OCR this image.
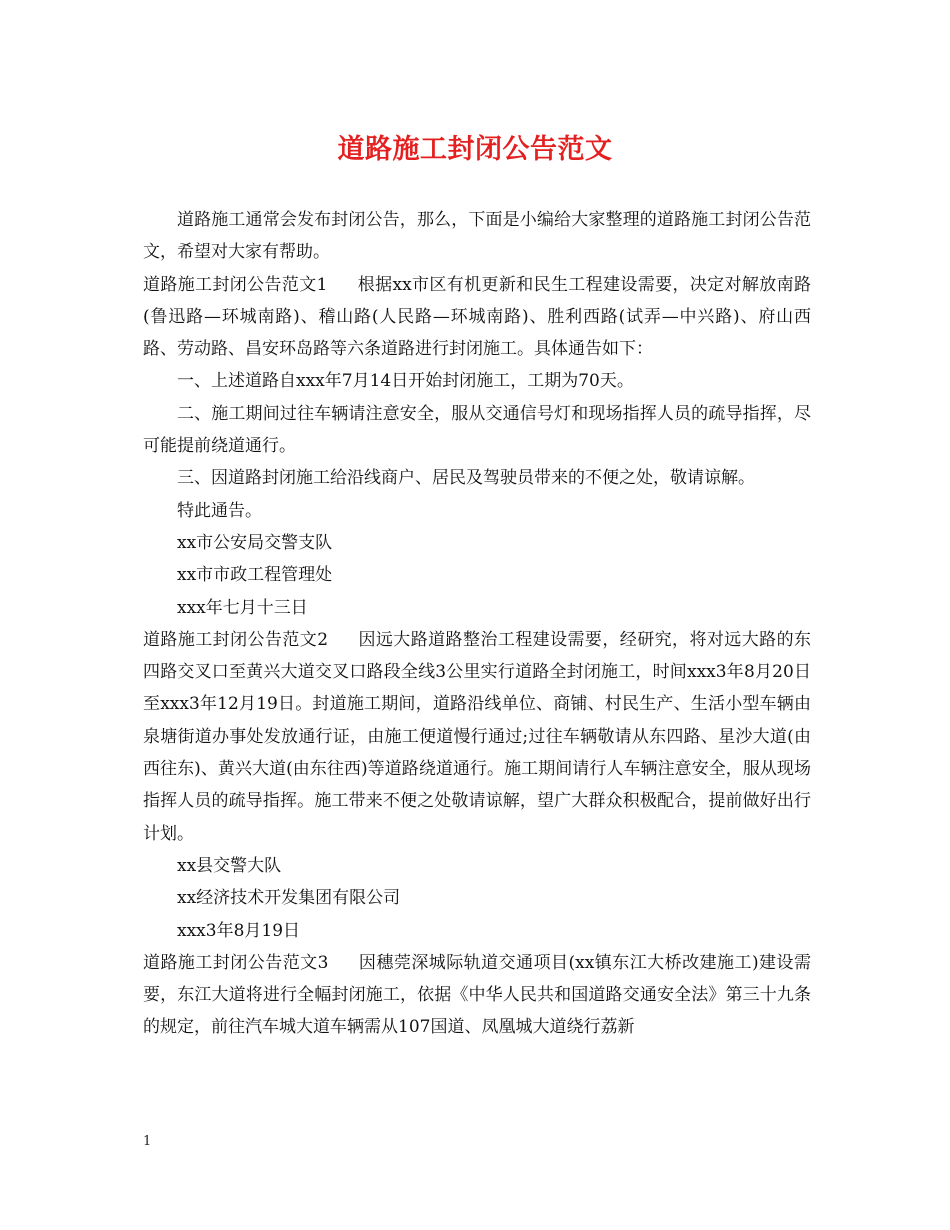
道路施工封闭公告范文

道路施工通常会发布封闭公告，那么，下面是小编给大家整理的道路施工封闭公告范文，希望对大家有帮助。

道路施工封闭公告范文1 根据xx市区有机更新和民生工程建设需要，决定对解放南路(鲁迅路—环城南路)、稽山路(人民路—环城南路)、胜利西路(试弄—中兴路)、府山西路、劳动路、昌安环岛路等六条道路进行封闭施工。具体通告如下：

一、上述道路自xxx年7月14日开始封闭施工，工期为70天。

二、施工期间过往车辆请注意安全，服从交通信号灯和现场指挥人员的疏导指挥，尽可能提前绕道通行。

三、因道路封闭施工给沿线商户、居民及驾驶员带来的不便之处，敬请谅解。

特此通告。

xx市公安局交警支队

xx市市政工程管理处

xxx年七月十三日

道路施工封闭公告范文2 因远大路道路整治工程建设需要，经研究，将对远大路的东四路交叉口至黄兴大道交叉口路段全线3公里实行道路全封闭施工，时间xxx3年8月20日至xxx3年12月19日。封道施工期间，道路沿线单位、商铺、村民生产、生活小型车辆由泉塘街道办事处发放通行证，由施工便道慢行通过;过往车辆敬请从东四路、星沙大道(由西往东)、黄兴大道(由东往西)等道路绕道通行。施工期间请行人车辆注意安全，服从现场指挥人员的疏导指挥。施工带来不便之处敬请谅解，望广大群众积极配合，提前做好出行计划。

xx县交警大队

xx经济技术开发集团有限公司

xxx3年8月19日

道路施工封闭公告范文3 因穗莞深城际轨道交通项目(xx镇东江大桥改建施工)建设需要，东江大道将进行全幅封闭施工，依据《中华人民共和国道路交通安全法》第三十九条的规定，前往汽车城大道车辆需从107国道、凤凰城大道绕行荔新

1
